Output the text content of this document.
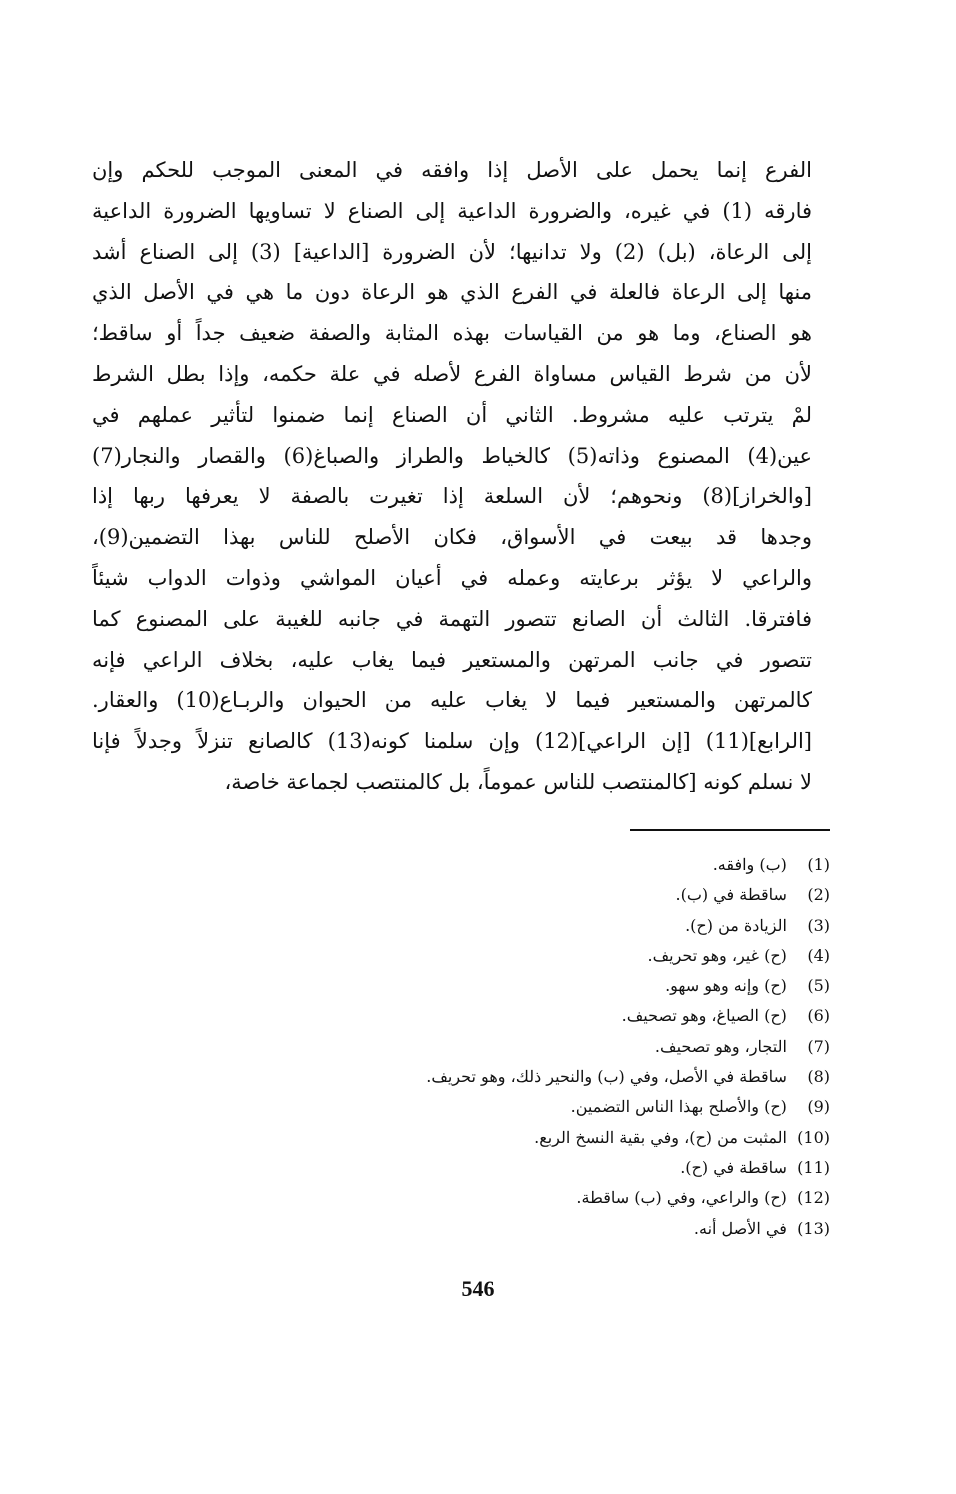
الفرع إنما يحمل على الأصل إذا وافقه في المعنى الموجب للحكم وإن
فارقه (1) في غيره، والضرورة الداعية إلى الصناع لا تساويها الضرورة الداعية
إلى الرعاة، (بل) (2) ولا تدانيها؛ لأن الضرورة [الداعية] (3) إلى الصناع أشد
منها إلى الرعاة فالعلة في الفرع الذي هو الرعاة دون ما هي في الأصل الذي
هو الصناع، وما هو من القياسات بهذه المثابة والصفة ضعيف جداً أو ساقط؛
لأن من شرط القياس مساواة الفرع لأصله في علة حكمه، وإذا بطل الشرط
لمْ يترتب عليه مشروط. الثاني أن الصناع إنما ضمنوا لتأثير عملهم في
عين(4) المصنوع وذاته(5) كالخياط والطراز والصباغ(6) والقصار والنجار(7)
[والخراز](8) ونحوهم؛ لأن السلعة إذا تغيرت بالصفة لا يعرفها ربها إذا
وجدها قد بيعت في الأسواق، فكان الأصلح للناس بهذا التضمين(9)،
والراعي لا يؤثر برعايته وعمله في أعيان المواشي وذوات الدواب شيئاً
فافترقا. الثالث أن الصانع تتصور التهمة في جانبه للغيبة على المصنوع كما
تتصور في جانب المرتهن والمستعير فيما يغاب عليه، بخلاف الراعي فإنه
كالمرتهن والمستعير فيما لا يغاب عليه من الحيوان والربـاع(10) والعقار.
[الرابع](11) [إن الراعي](12) وإن سلمنا كونه(13) كالصانع تنزلاً وجدلاً فإنا
لا نسلم كونه [كالمنتصب للناس عموماً، بل كالمنتصب لجماعة خاصة،
(1) (ب) وافقه.
(2) ساقطة في (ب).
(3) الزيادة من (ح).
(4) (ح) غير، وهو تحريف.
(5) (ح) وإنه وهو سهو.
(6) (ح) الصياغ، وهو تصحيف.
(7) التجار، وهو تصحيف.
(8) ساقطة في الأصل، وفي (ب) والنحير ذلك، وهو تحريف.
(9) (ح) والأصلح بهذا الناس التضمين.
(10) المثبت من (ح)، وفي بقية النسخ الربع.
(11) ساقطة في (ح).
(12) (ح) والراعي، وفي (ب) ساقطة.
(13) في الأصل أنه.
546
